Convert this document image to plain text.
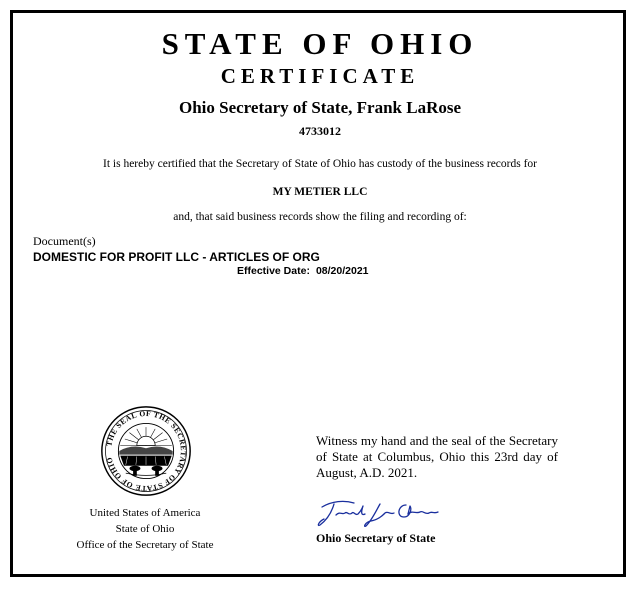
STATE OF OHIO
CERTIFICATE
Ohio Secretary of State, Frank LaRose
4733012
It is hereby certified that the Secretary of State of Ohio has custody of the business records for
MY METIER LLC
and, that said business records show the filing and recording of:
Document(s)
DOMESTIC FOR PROFIT LLC - ARTICLES OF ORG
Effective Date: 08/20/2021
THE SEAL OF THE SECRETARY OF STATE OF OHIO
United States of America
State of Ohio
Office of the Secretary of State
Witness my hand and the seal of the Secretary of State at Columbus, Ohio this 23rd day of August, A.D. 2021.
Ohio Secretary of State
